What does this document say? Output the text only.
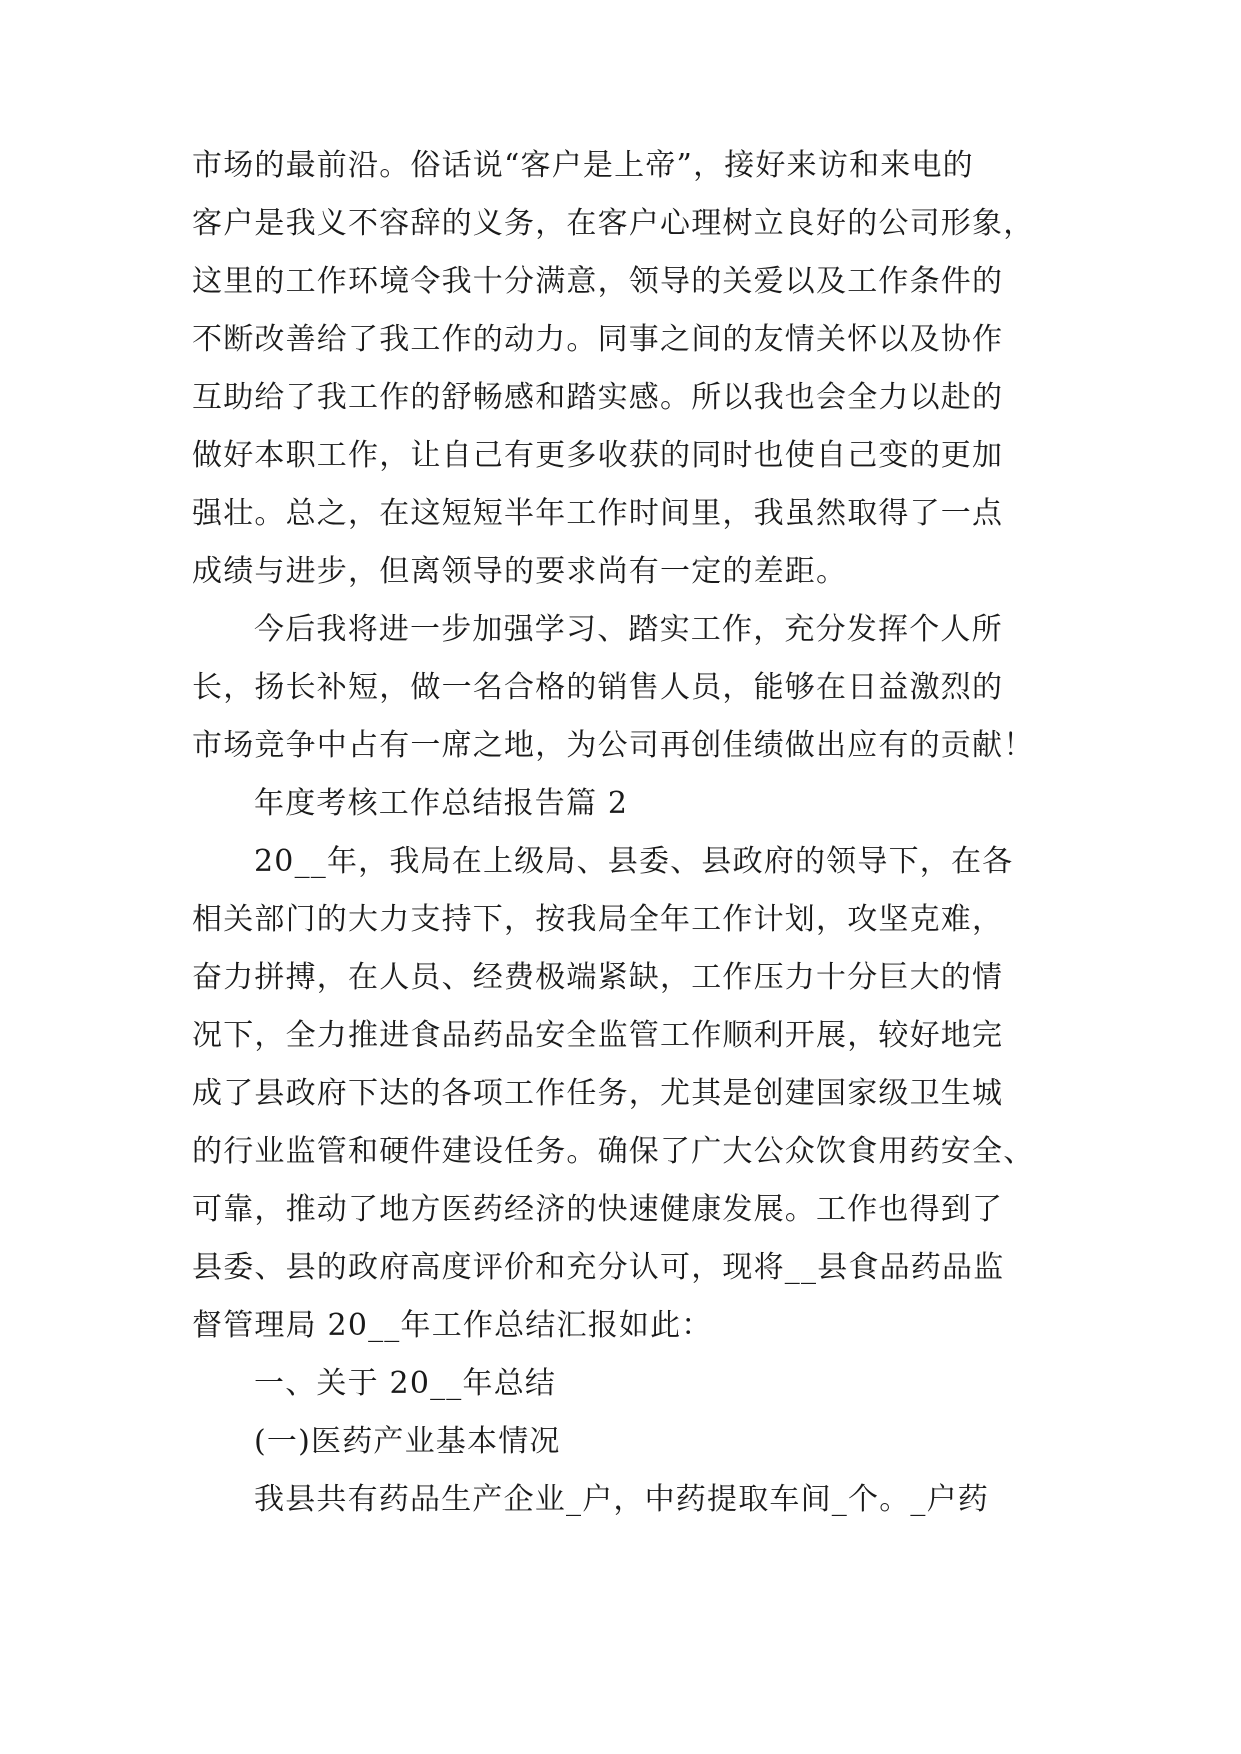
市场的最前沿。俗话说“客户是上帝”，接好来访和来电的
客户是我义不容辞的义务，在客户心理树立良好的公司形象，
这里的工作环境令我十分满意，领导的关爱以及工作条件的
不断改善给了我工作的动力。同事之间的友情关怀以及协作
互助给了我工作的舒畅感和踏实感。所以我也会全力以赴的
做好本职工作，让自己有更多收获的同时也使自己变的更加
强壮。总之，在这短短半年工作时间里，我虽然取得了一点
成绩与进步，但离领导的要求尚有一定的差距。
今后我将进一步加强学习、踏实工作，充分发挥个人所
长，扬长补短，做一名合格的销售人员，能够在日益激烈的
市场竞争中占有一席之地，为公司再创佳绩做出应有的贡献！
年度考核工作总结报告篇 2
20__年，我局在上级局、县委、县政府的领导下，在各
相关部门的大力支持下，按我局全年工作计划，攻坚克难，
奋力拼搏，在人员、经费极端紧缺，工作压力十分巨大的情
况下，全力推进食品药品安全监管工作顺利开展，较好地完
成了县政府下达的各项工作任务，尤其是创建国家级卫生城
的行业监管和硬件建设任务。确保了广大公众饮食用药安全、
可靠，推动了地方医药经济的快速健康发展。工作也得到了
县委、县的政府高度评价和充分认可，现将__县食品药品监
督管理局 20__年工作总结汇报如此：
一、关于 20__年总结
(一)医药产业基本情况
我县共有药品生产企业_户，中药提取车间_个。_户药
